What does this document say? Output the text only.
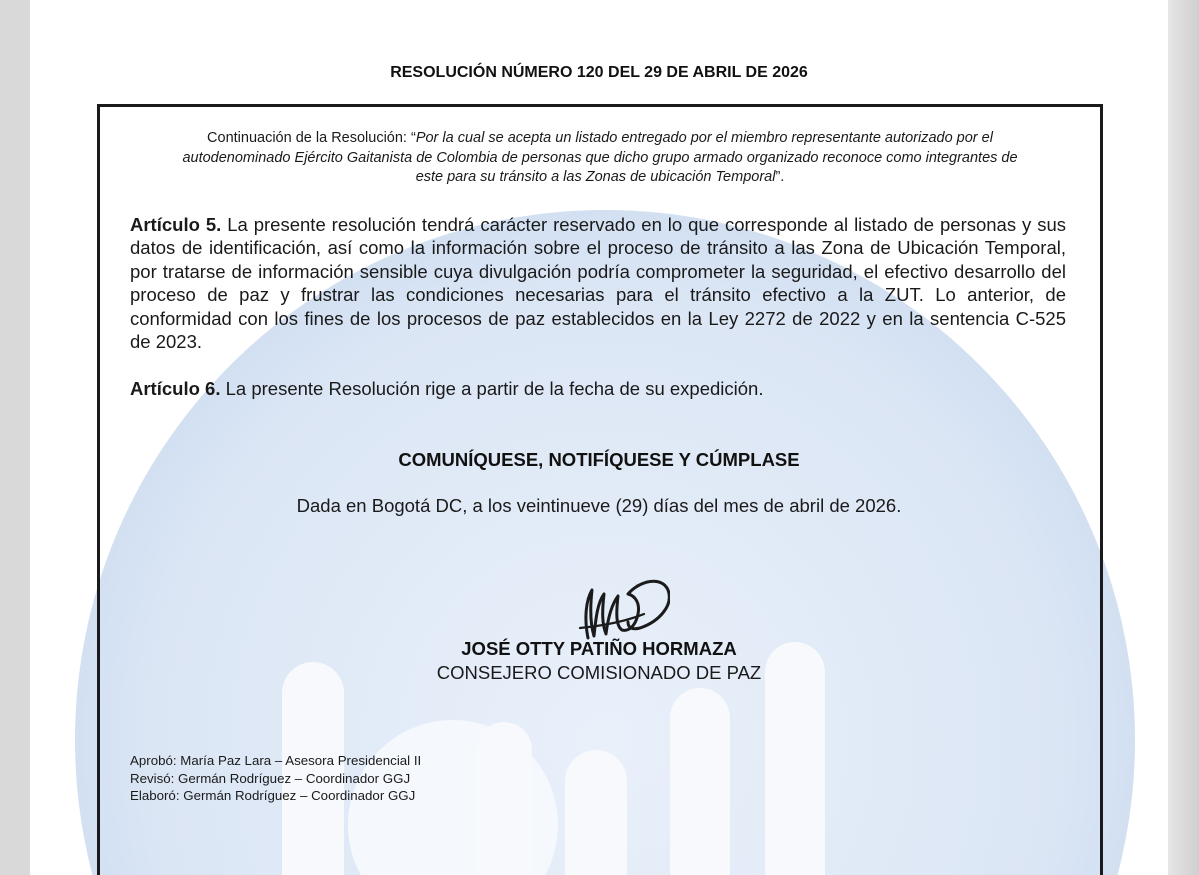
RESOLUCIÓN NÚMERO 120 DEL 29 DE ABRIL DE 2026
Continuación de la Resolución: “Por la cual se acepta un listado entregado por el miembro representante autorizado por el autodenominado Ejército Gaitanista de Colombia de personas que dicho grupo armado organizado reconoce como integrantes de este para su tránsito a las Zonas de ubicación Temporal”.
Artículo 5. La presente resolución tendrá carácter reservado en lo que corresponde al listado de personas y sus datos de identificación, así como la información sobre el proceso de tránsito a las Zona de Ubicación Temporal, por tratarse de información sensible cuya divulgación podría comprometer la seguridad, el efectivo desarrollo del proceso de paz y frustrar las condiciones necesarias para el tránsito efectivo a la ZUT. Lo anterior, de conformidad con los fines de los procesos de paz establecidos en la Ley 2272 de 2022 y en la sentencia C-525 de 2023.
Artículo 6. La presente Resolución rige a partir de la fecha de su expedición.
COMUNÍQUESE, NOTIFÍQUESE Y CÚMPLASE
Dada en Bogotá DC, a los veintinueve (29) días del mes de abril de 2026.
JOSÉ OTTY PATIÑO HORMAZA
CONSEJERO COMISIONADO DE PAZ
Aprobó: María Paz Lara – Asesora Presidencial II
Revisó: Germán Rodríguez – Coordinador GGJ
Elaboró: Germán Rodríguez – Coordinador GGJ
